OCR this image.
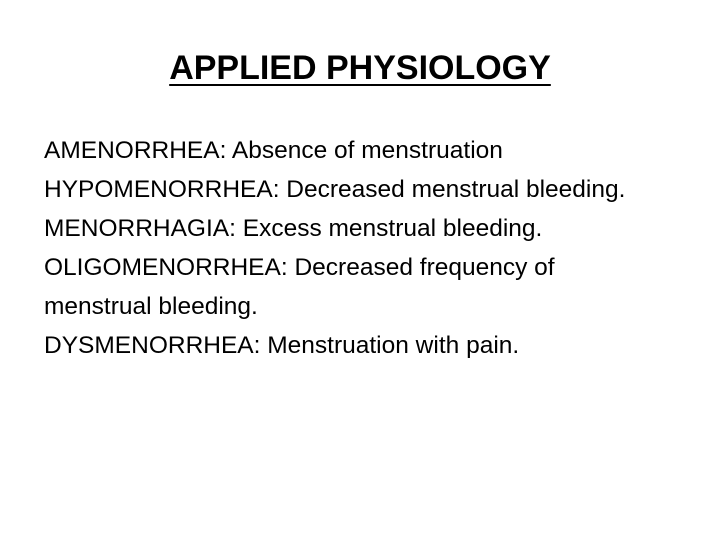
APPLIED PHYSIOLOGY
AMENORRHEA: Absence of menstruation
HYPOMENORRHEA: Decreased menstrual bleeding.
MENORRHAGIA: Excess menstrual bleeding.
OLIGOMENORRHEA: Decreased frequency of menstrual bleeding.
DYSMENORRHEA: Menstruation with pain.
